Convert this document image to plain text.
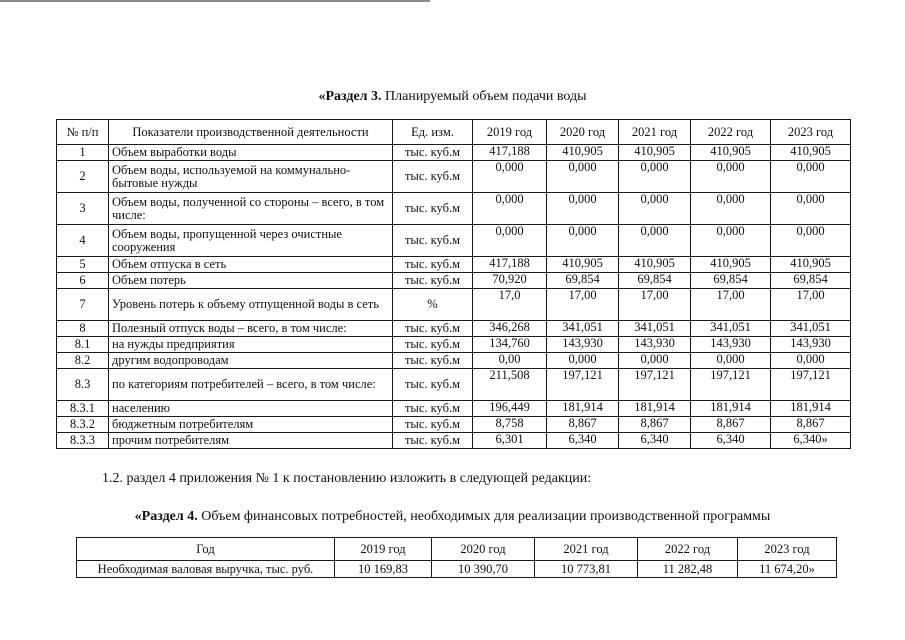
«Раздел 3. Планируемый объем подачи воды
№ п/п	Показатели производственной деятельности	Ед. изм.	2019 год	2020 год	2021 год	2022 год	2023 год
1	Объем выработки воды	тыс. куб.м	417,188	410,905	410,905	410,905	410,905
2	Объем воды, используемой на коммунально-бытовые нужды	тыс. куб.м	0,000	0,000	0,000	0,000	0,000
3	Объем воды, полученной со стороны – всего, в том числе:	тыс. куб.м	0,000	0,000	0,000	0,000	0,000
4	Объем воды, пропущенной через очистные сооружения	тыс. куб.м	0,000	0,000	0,000	0,000	0,000
5	Объем отпуска в сеть	тыс. куб.м	417,188	410,905	410,905	410,905	410,905
6	Объем потерь	тыс. куб.м	70,920	69,854	69,854	69,854	69,854
7	Уровень потерь к объему отпущенной воды в сеть	%	17,0	17,00	17,00	17,00	17,00
8	Полезный отпуск воды – всего, в том числе:	тыс. куб.м	346,268	341,051	341,051	341,051	341,051
8.1	на нужды предприятия	тыс. куб.м	134,760	143,930	143,930	143,930	143,930
8.2	другим водопроводам	тыс. куб.м	0,00	0,000	0,000	0,000	0,000
8.3	по категориям потребителей – всего, в том числе:	тыс. куб.м	211,508	197,121	197,121	197,121	197,121
8.3.1	населению	тыс. куб.м	196,449	181,914	181,914	181,914	181,914
8.3.2	бюджетным потребителям	тыс. куб.м	8,758	8,867	8,867	8,867	8,867
8.3.3	прочим потребителям	тыс. куб.м	6,301	6,340	6,340	6,340	6,340»
1.2. раздел 4 приложения № 1 к постановлению изложить в следующей редакции:
«Раздел 4. Объем финансовых потребностей, необходимых для реализации производственной программы
Год	2019 год	2020 год	2021 год	2022 год	2023 год
Необходимая валовая выручка, тыс. руб.	10 169,83	10 390,70	10 773,81	11 282,48	11 674,20»
